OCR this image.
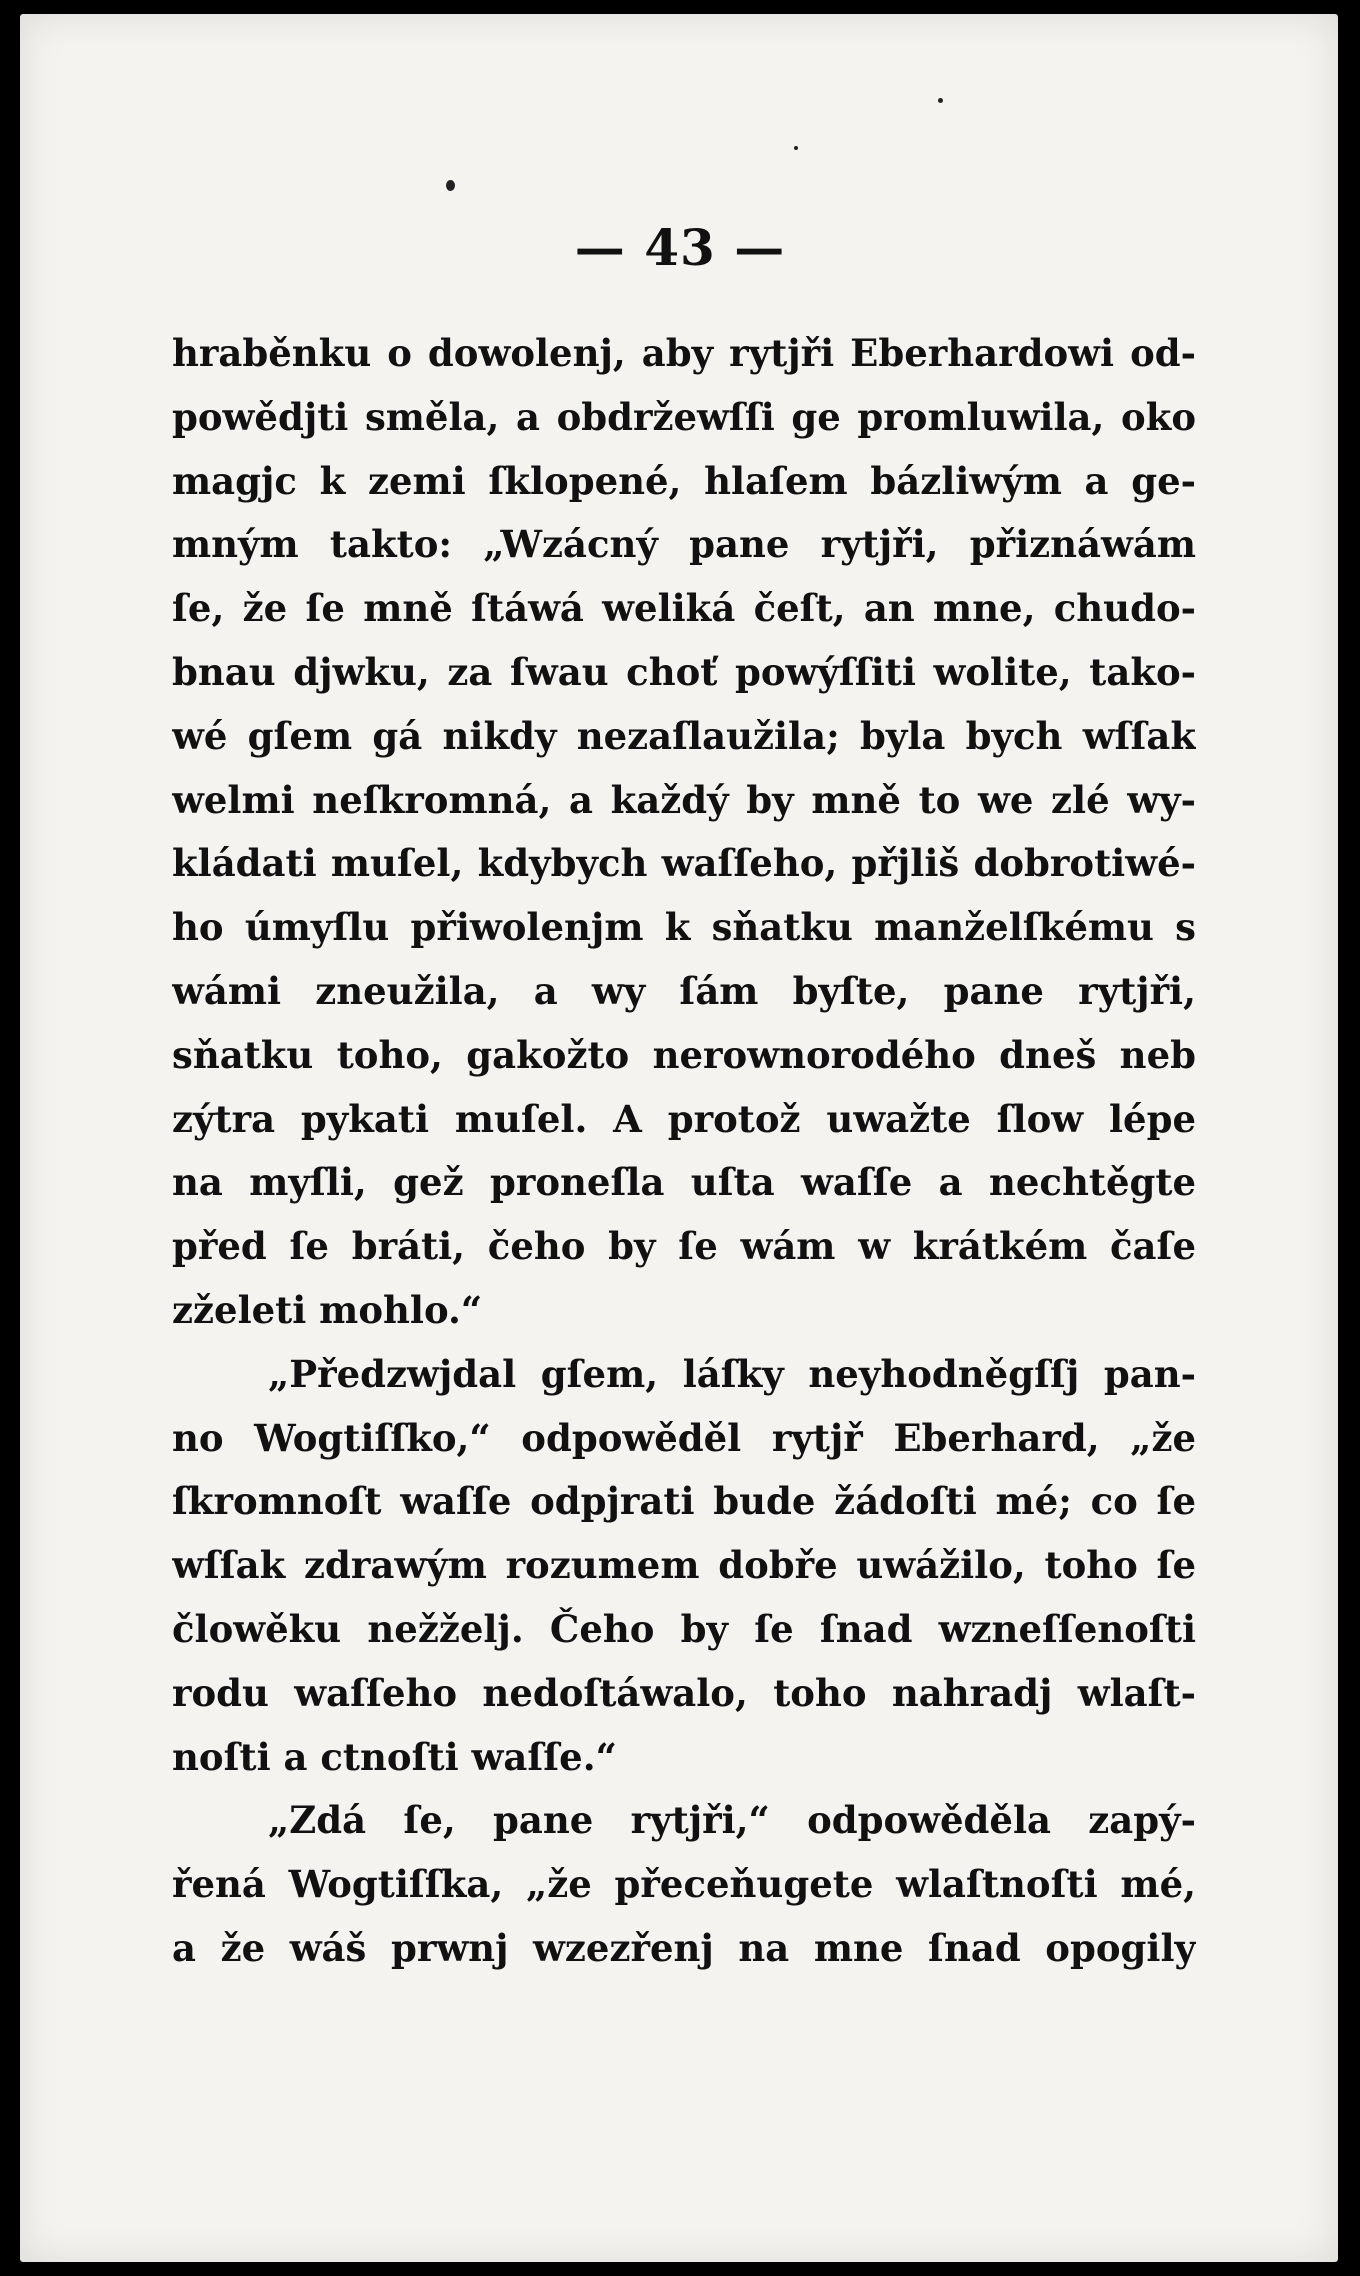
— 43 —
hraběnku o dowolenj, aby rytjři Eberhardowi od-
powědjti směla, a obdržewſſi ge promluwila, oko
magjc k zemi ſklopené, hlaſem bázliwým a ge-
mným takto: „Wzácný pane rytjři, přiznáwám
ſe, že ſe mně ſtáwá weliká čeſt, an mne, chudo-
bnau djwku, za ſwau choť powýſſiti wolite, tako-
wé gſem gá nikdy nezaſlaužila; byla bych wſſak
welmi neſkromná, a každý by mně to we zlé wy-
kládati muſel, kdybych waſſeho, přjliš dobrotiwé-
ho úmyſlu přiwolenjm k sňatku manželſkému s
wámi zneužila, a wy ſám byſte, pane rytjři,
sňatku toho, gakožto nerownorodého dneš neb
zýtra pykati muſel. A protož uwažte ſlow lépe
na myſli, gež proneſla uſta waſſe a nechtěgte
před ſe bráti, čeho by ſe wám w krátkém čaſe
zželeti mohlo.“
„Předzwjdal gſem, láſky neyhodněgſſj pan-
no Wogtiſſko,“ odpowěděl rytjř Eberhard, „že
ſkromnoſt waſſe odpjrati bude žádoſti mé; co ſe
wſſak zdrawým rozumem dobře uwážilo, toho ſe
člowěku nežželj. Čeho by ſe ſnad wzneſſenoſti
rodu waſſeho nedoſtáwalo, toho nahradj wlaſt-
noſti a ctnoſti waſſe.“
„Zdá ſe, pane rytjři,“ odpowěděla zapý-
řená Wogtiſſka, „že přeceňugete wlaſtnoſti mé,
a že wáš prwnj wzezřenj na mne ſnad opogily
